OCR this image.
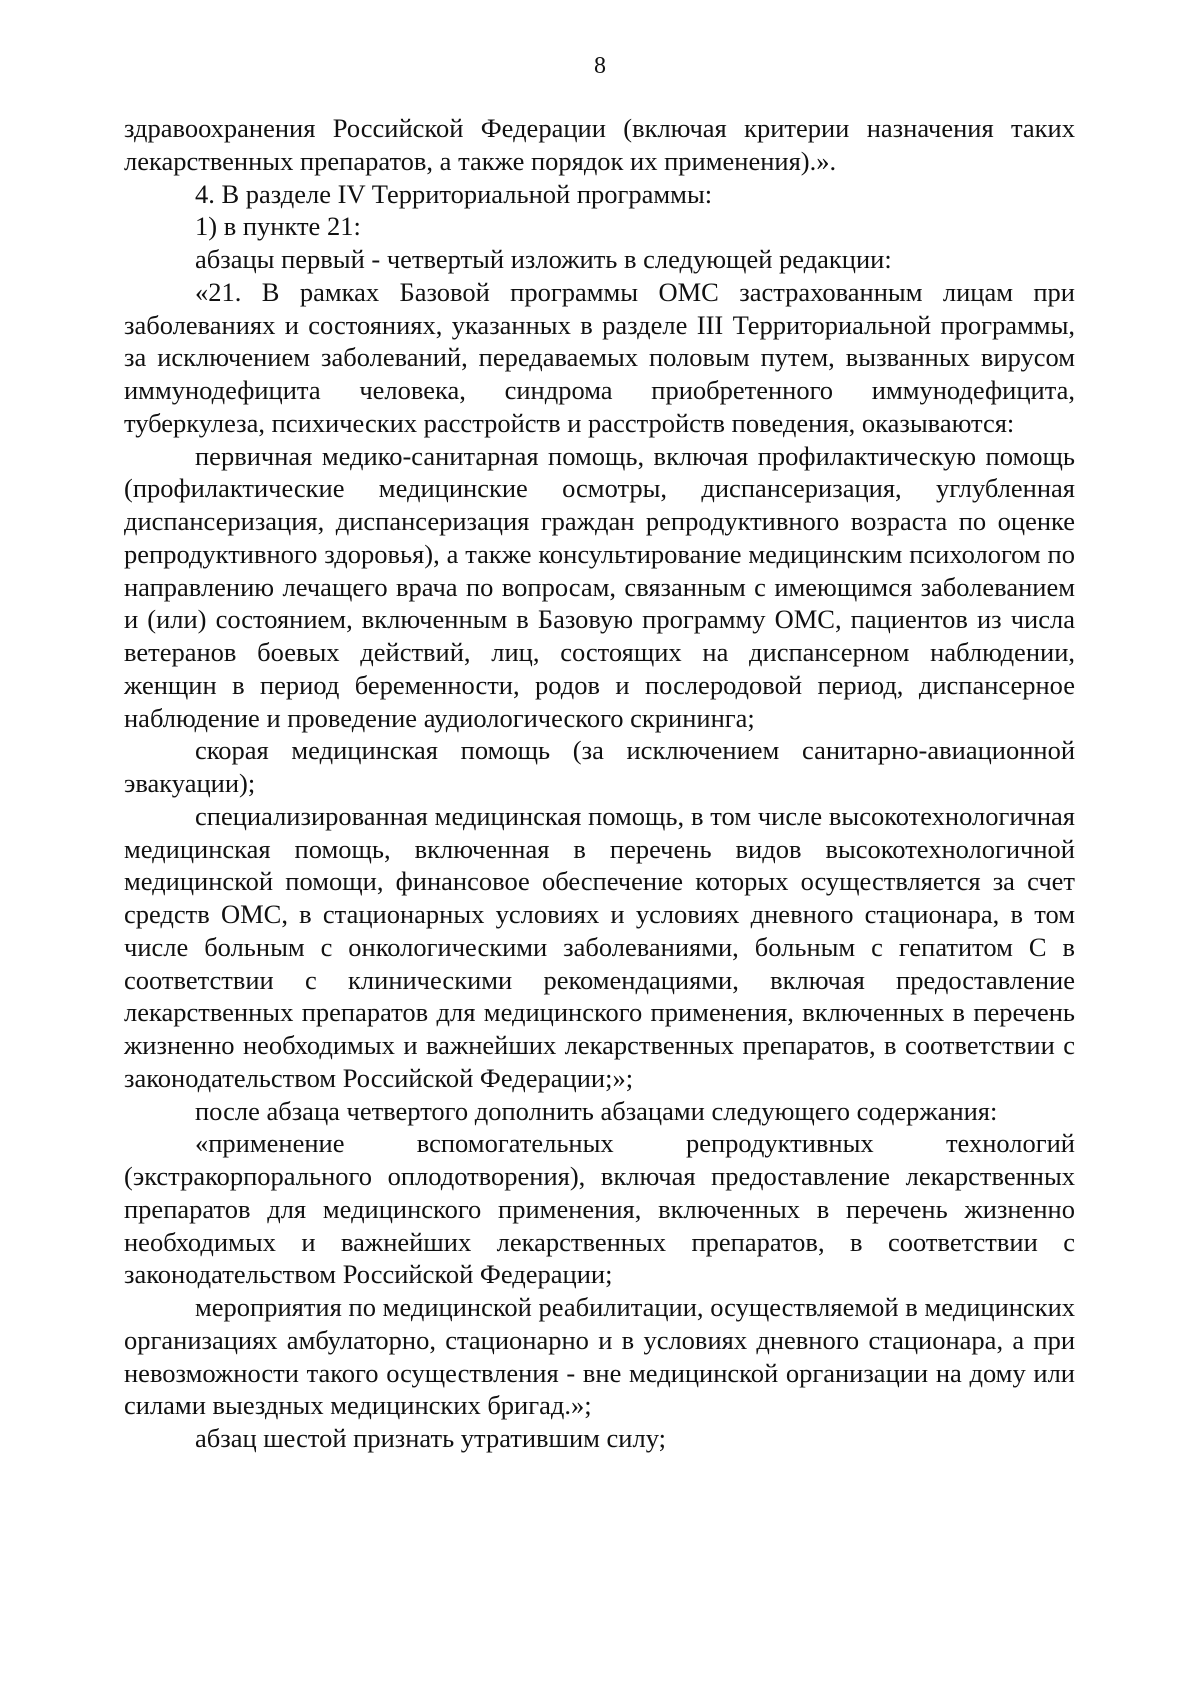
8

здравоохранения Российской Федерации (включая критерии назначения таких лекарственных препаратов, а также порядок их применения).».

4. В разделе IV Территориальной программы:

1) в пункте 21:

абзацы первый - четвертый изложить в следующей редакции:

«21. В рамках Базовой программы ОМС застрахованным лицам при заболеваниях и состояниях, указанных в разделе III Территориальной программы, за исключением заболеваний, передаваемых половым путем, вызванных вирусом иммунодефицита человека, синдрома приобретенного иммунодефицита, туберкулеза, психических расстройств и расстройств поведения, оказываются:

первичная медико-санитарная помощь, включая профилактическую помощь (профилактические медицинские осмотры, диспансеризация, углубленная диспансеризация, диспансеризация граждан репродуктивного возраста по оценке репродуктивного здоровья), а также консультирование медицинским психологом по направлению лечащего врача по вопросам, связанным с имеющимся заболеванием и (или) состоянием, включенным в Базовую программу ОМС, пациентов из числа ветеранов боевых действий, лиц, состоящих на диспансерном наблюдении, женщин в период беременности, родов и послеродовой период, диспансерное наблюдение и проведение аудиологического скрининга;

скорая медицинская помощь (за исключением санитарно-авиационной эвакуации);

специализированная медицинская помощь, в том числе высокотехнологичная медицинская помощь, включенная в перечень видов высокотехнологичной медицинской помощи, финансовое обеспечение которых осуществляется за счет средств ОМС, в стационарных условиях и условиях дневного стационара, в том числе больным с онкологическими заболеваниями, больным с гепатитом С в соответствии с клиническими рекомендациями, включая предоставление лекарственных препаратов для медицинского применения, включенных в перечень жизненно необходимых и важнейших лекарственных препаратов, в соответствии с законодательством Российской Федерации;»;

после абзаца четвертого дополнить абзацами следующего содержания:

«применение вспомогательных репродуктивных технологий (экстракорпорального оплодотворения), включая предоставление лекарственных препаратов для медицинского применения, включенных в перечень жизненно необходимых и важнейших лекарственных препаратов, в соответствии с законодательством Российской Федерации;

мероприятия по медицинской реабилитации, осуществляемой в медицинских организациях амбулаторно, стационарно и в условиях дневного стационара, а при невозможности такого осуществления - вне медицинской организации на дому или силами выездных медицинских бригад.»;

абзац шестой признать утратившим силу;
